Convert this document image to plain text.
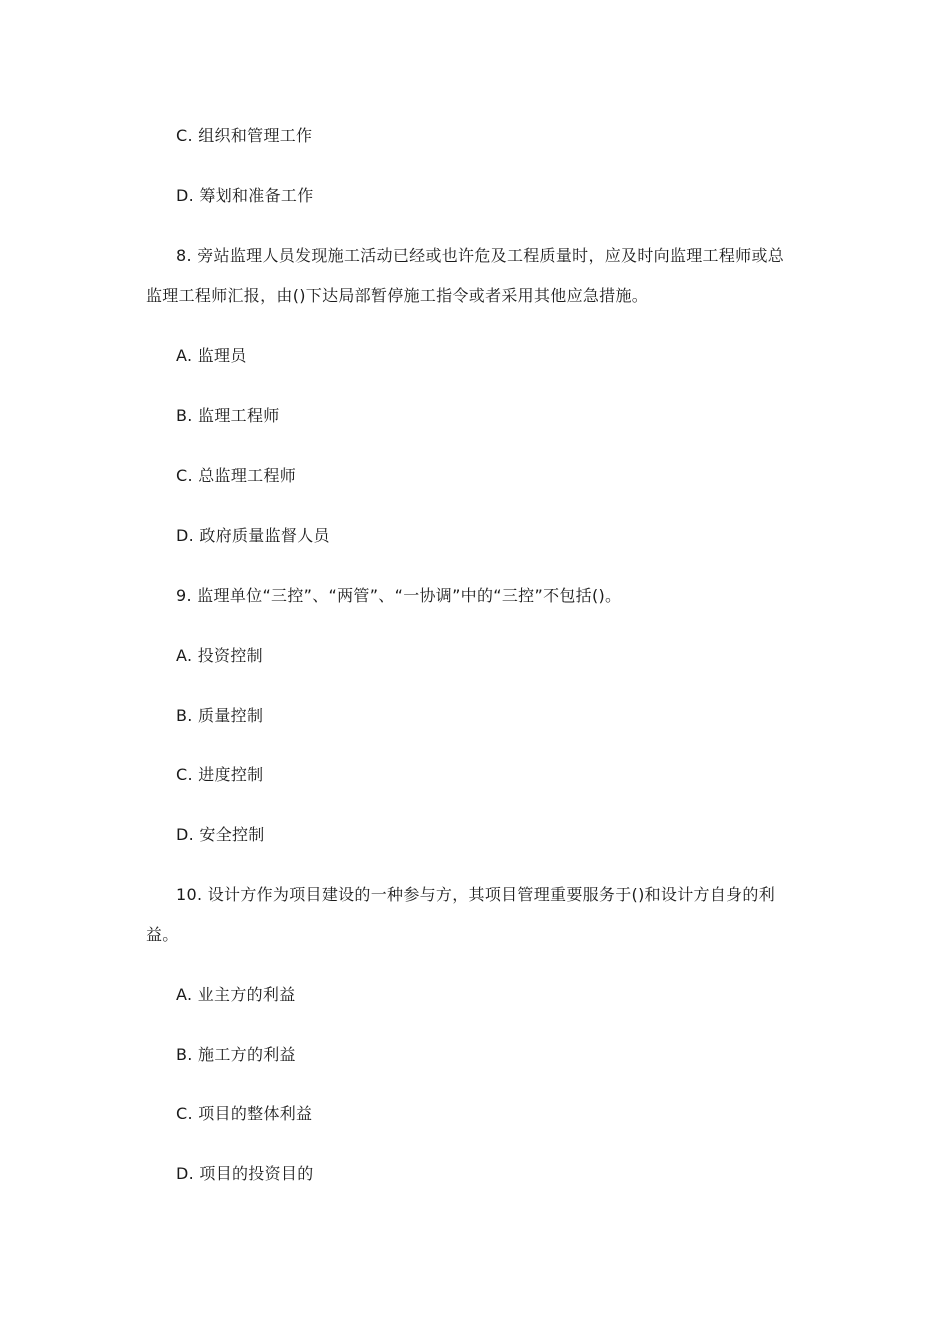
C. 组织和管理工作
D. 筹划和准备工作
8. 旁站监理人员发现施工活动已经或也许危及工程质量时，应及时向监理工程师或总
监理工程师汇报，由()下达局部暂停施工指令或者采用其他应急措施。
A. 监理员
B. 监理工程师
C. 总监理工程师
D. 政府质量监督人员
9. 监理单位“三控”、“两管”、“一协调”中的“三控”不包括()。
A. 投资控制
B. 质量控制
C. 进度控制
D. 安全控制
10. 设计方作为项目建设的一种参与方，其项目管理重要服务于()和设计方自身的利
益。
A. 业主方的利益
B. 施工方的利益
C. 项目的整体利益
D. 项目的投资目的
